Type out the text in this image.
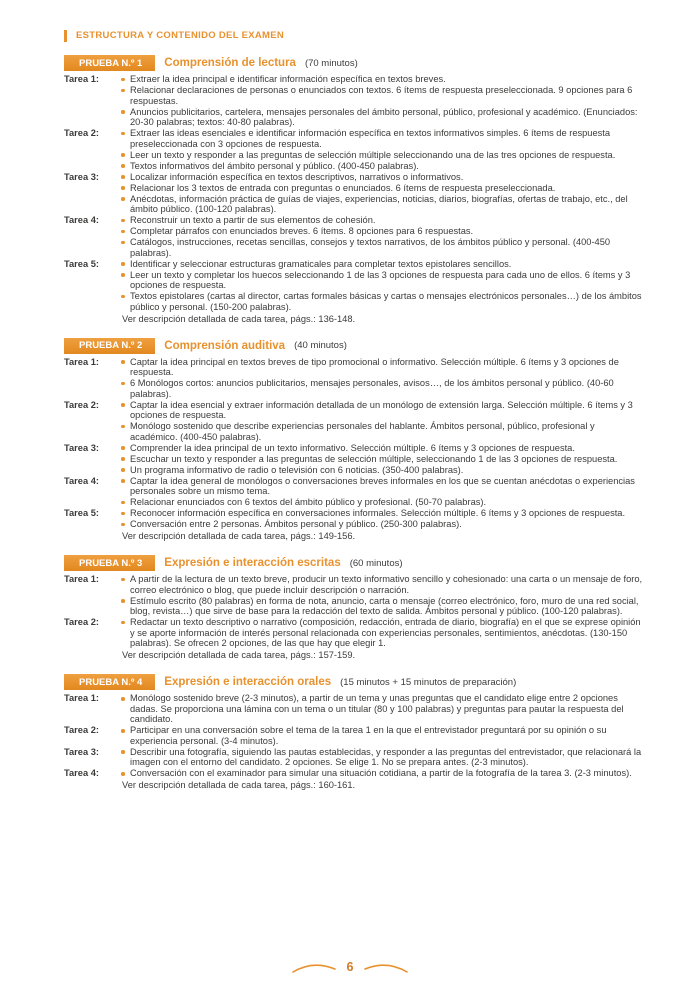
ESTRUCTURA Y CONTENIDO DEL EXAMEN
PRUEBA N.º 1	Comprensión de lectura (70 minutos)
Tarea 1:	Extraer la idea principal e identificar información específica en textos breves.
Relacionar declaraciones de personas o enunciados con textos. 6 ítems de respuesta preseleccionada. 9 opciones para 6 respuestas.
Anuncios publicitarios, cartelera, mensajes personales del ámbito personal, público, profesional y académico. (Enunciados: 20-30 palabras; textos: 40-80 palabras).
Tarea 2:	Extraer las ideas esenciales e identificar información específica en textos informativos simples. 6 ítems de respuesta preseleccionada con 3 opciones de respuesta.
Leer un texto y responder a las preguntas de selección múltiple seleccionando una de las tres opciones de respuesta.
Textos informativos del ámbito personal y público. (400-450 palabras).
Tarea 3:	Localizar información específica en textos descriptivos, narrativos o informativos.
Relacionar los 3 textos de entrada con preguntas o enunciados. 6 ítems de respuesta preseleccionada.
Anécdotas, información práctica de guías de viajes, experiencias, noticias, diarios, biografías, ofertas de trabajo, etc., del ámbito público. (100-120 palabras).
Tarea 4:	Reconstruir un texto a partir de sus elementos de cohesión.
Completar párrafos con enunciados breves. 6 ítems. 8 opciones para 6 respuestas.
Catálogos, instrucciones, recetas sencillas, consejos y textos narrativos, de los ámbitos público y personal. (400-450 palabras).
Tarea 5:	Identificar y seleccionar estructuras gramaticales para completar textos epistolares sencillos.
Leer un texto y completar los huecos seleccionando 1 de las 3 opciones de respuesta para cada uno de ellos. 6 ítems y 3 opciones de respuesta.
Textos epistolares (cartas al director, cartas formales básicas y cartas o mensajes electrónicos personales…) de los ámbitos público y personal. (150-200 palabras).
Ver descripción detallada de cada tarea, págs.: 136-148.
PRUEBA N.º 2	Comprensión auditiva (40 minutos)
Tarea 1:	Captar la idea principal en textos breves de tipo promocional o informativo. Selección múltiple. 6 ítems y 3 opciones de respuesta.
6 Monólogos cortos: anuncios publicitarios, mensajes personales, avisos…, de los ámbitos personal y público. (40-60 palabras).
Tarea 2:	Captar la idea esencial y extraer información detallada de un monólogo de extensión larga. Selección múltiple. 6 ítems y 3 opciones de respuesta.
Monólogo sostenido que describe experiencias personales del hablante. Ámbitos personal, público, profesional y académico. (400-450 palabras).
Tarea 3:	Comprender la idea principal de un texto informativo. Selección múltiple. 6 ítems y 3 opciones de respuesta.
Escuchar un texto y responder a las preguntas de selección múltiple, seleccionando 1 de las 3 opciones de respuesta.
Un programa informativo de radio o televisión con 6 noticias. (350-400 palabras).
Tarea 4:	Captar la idea general de monólogos o conversaciones breves informales en los que se cuentan anécdotas o experiencias personales sobre un mismo tema.
Relacionar enunciados con 6 textos del ámbito público y profesional. (50-70 palabras).
Tarea 5:	Reconocer información específica en conversaciones informales. Selección múltiple. 6 ítems y 3 opciones de respuesta.
Conversación entre 2 personas. Ámbitos personal y público. (250-300 palabras).
Ver descripción detallada de cada tarea, págs.: 149-156.
PRUEBA N.º 3	Expresión e interacción escritas (60 minutos)
Tarea 1:	A partir de la lectura de un texto breve, producir un texto informativo sencillo y cohesionado: una carta o un mensaje de foro, correo electrónico o blog, que puede incluir descripción o narración.
Estímulo escrito (80 palabras) en forma de nota, anuncio, carta o mensaje (correo electrónico, foro, muro de una red social, blog, revista…) que sirve de base para la redacción del texto de salida. Ámbitos personal y público. (100-120 palabras).
Tarea 2:	Redactar un texto descriptivo o narrativo (composición, redacción, entrada de diario, biografía) en el que se exprese opinión y se aporte información de interés personal relacionada con experiencias personales, sentimientos, anécdotas. (130-150 palabras). Se ofrecen 2 opciones, de las que hay que elegir 1.
Ver descripción detallada de cada tarea, págs.: 157-159.
PRUEBA N.º 4	Expresión e interacción orales (15 minutos + 15 minutos de preparación)
Tarea 1:	Monólogo sostenido breve (2-3 minutos), a partir de un tema y unas preguntas que el candidato elige entre 2 opciones dadas. Se proporciona una lámina con un tema o un titular (80 y 100 palabras) y preguntas para pautar la respuesta del candidato.
Tarea 2:	Participar en una conversación sobre el tema de la tarea 1 en la que el entrevistador preguntará por su opinión o su experiencia personal. (3-4 minutos).
Tarea 3:	Describir una fotografía, siguiendo las pautas establecidas, y responder a las preguntas del entrevistador, que relacionará la imagen con el entorno del candidato. 2 opciones. Se elige 1. No se prepara antes. (2-3 minutos).
Tarea 4:	Conversación con el examinador para simular una situación cotidiana, a partir de la fotografía de la tarea 3. (2-3 minutos).
Ver descripción detallada de cada tarea, págs.: 160-161.
6
